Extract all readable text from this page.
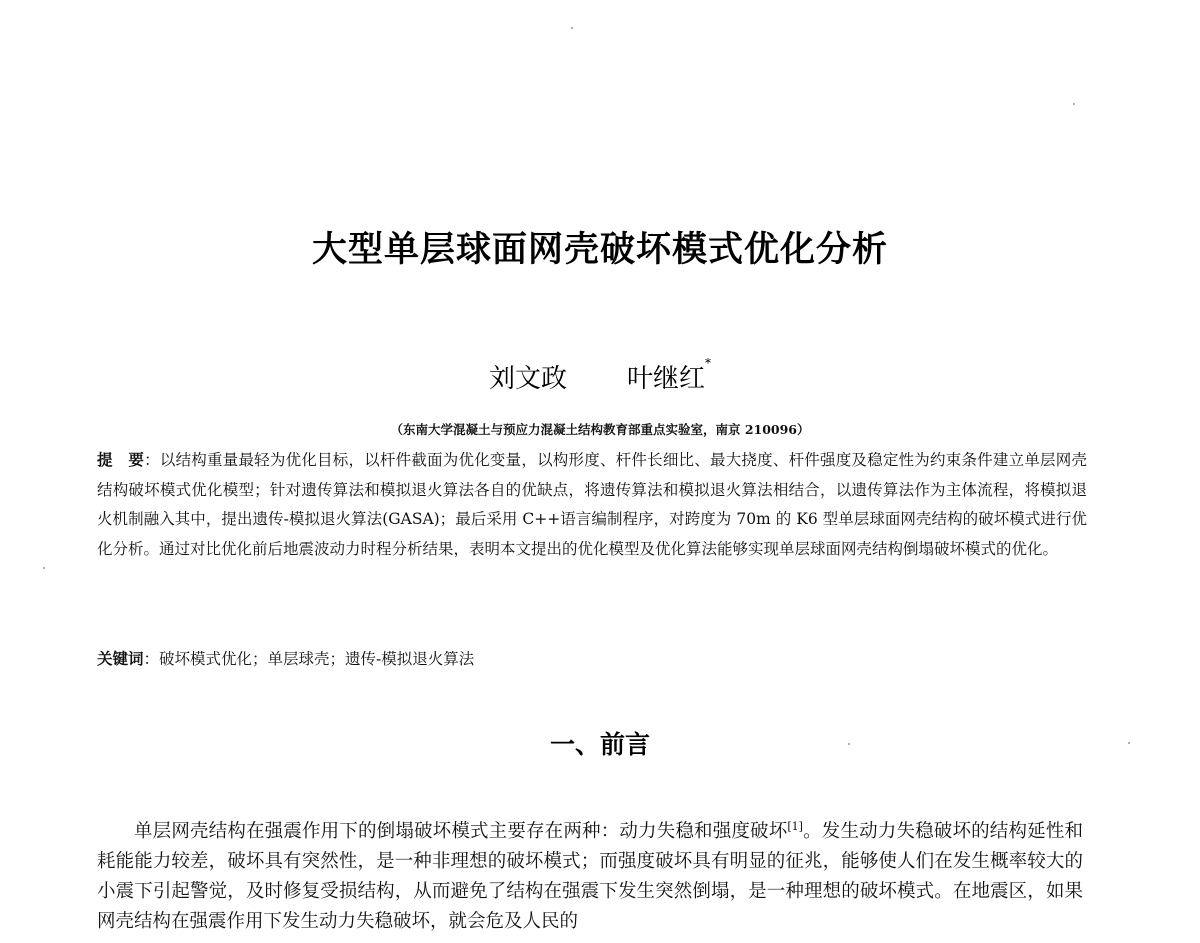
大型单层球面网壳破坏模式优化分析
刘文政 叶继红*
（东南大学混凝土与预应力混凝土结构教育部重点实验室，南京 210096）
提　要：以结构重量最轻为优化目标，以杆件截面为优化变量，以构形度、杆件长细比、最大挠度、杆件强度及稳定性为约束条件建立单层网壳结构破坏模式优化模型；针对遗传算法和模拟退火算法各自的优缺点，将遗传算法和模拟退火算法相结合，以遗传算法作为主体流程，将模拟退火机制融入其中，提出遗传-模拟退火算法(GASA)；最后采用 C++语言编制程序，对跨度为 70m 的 K6 型单层球面网壳结构的破坏模式进行优化分析。通过对比优化前后地震波动力时程分析结果，表明本文提出的优化模型及优化算法能够实现单层球面网壳结构倒塌破坏模式的优化。
关键词：破坏模式优化；单层球壳；遗传-模拟退火算法
一、前言
单层网壳结构在强震作用下的倒塌破坏模式主要存在两种：动力失稳和强度破坏[1]。发生动力失稳破坏的结构延性和耗能能力较差，破坏具有突然性，是一种非理想的破坏模式；而强度破坏具有明显的征兆，能够使人们在发生概率较大的小震下引起警觉，及时修复受损结构，从而避免了结构在强震下发生突然倒塌，是一种理想的破坏模式。在地震区，如果网壳结构在强震作用下发生动力失稳破坏，就会危及人民的
